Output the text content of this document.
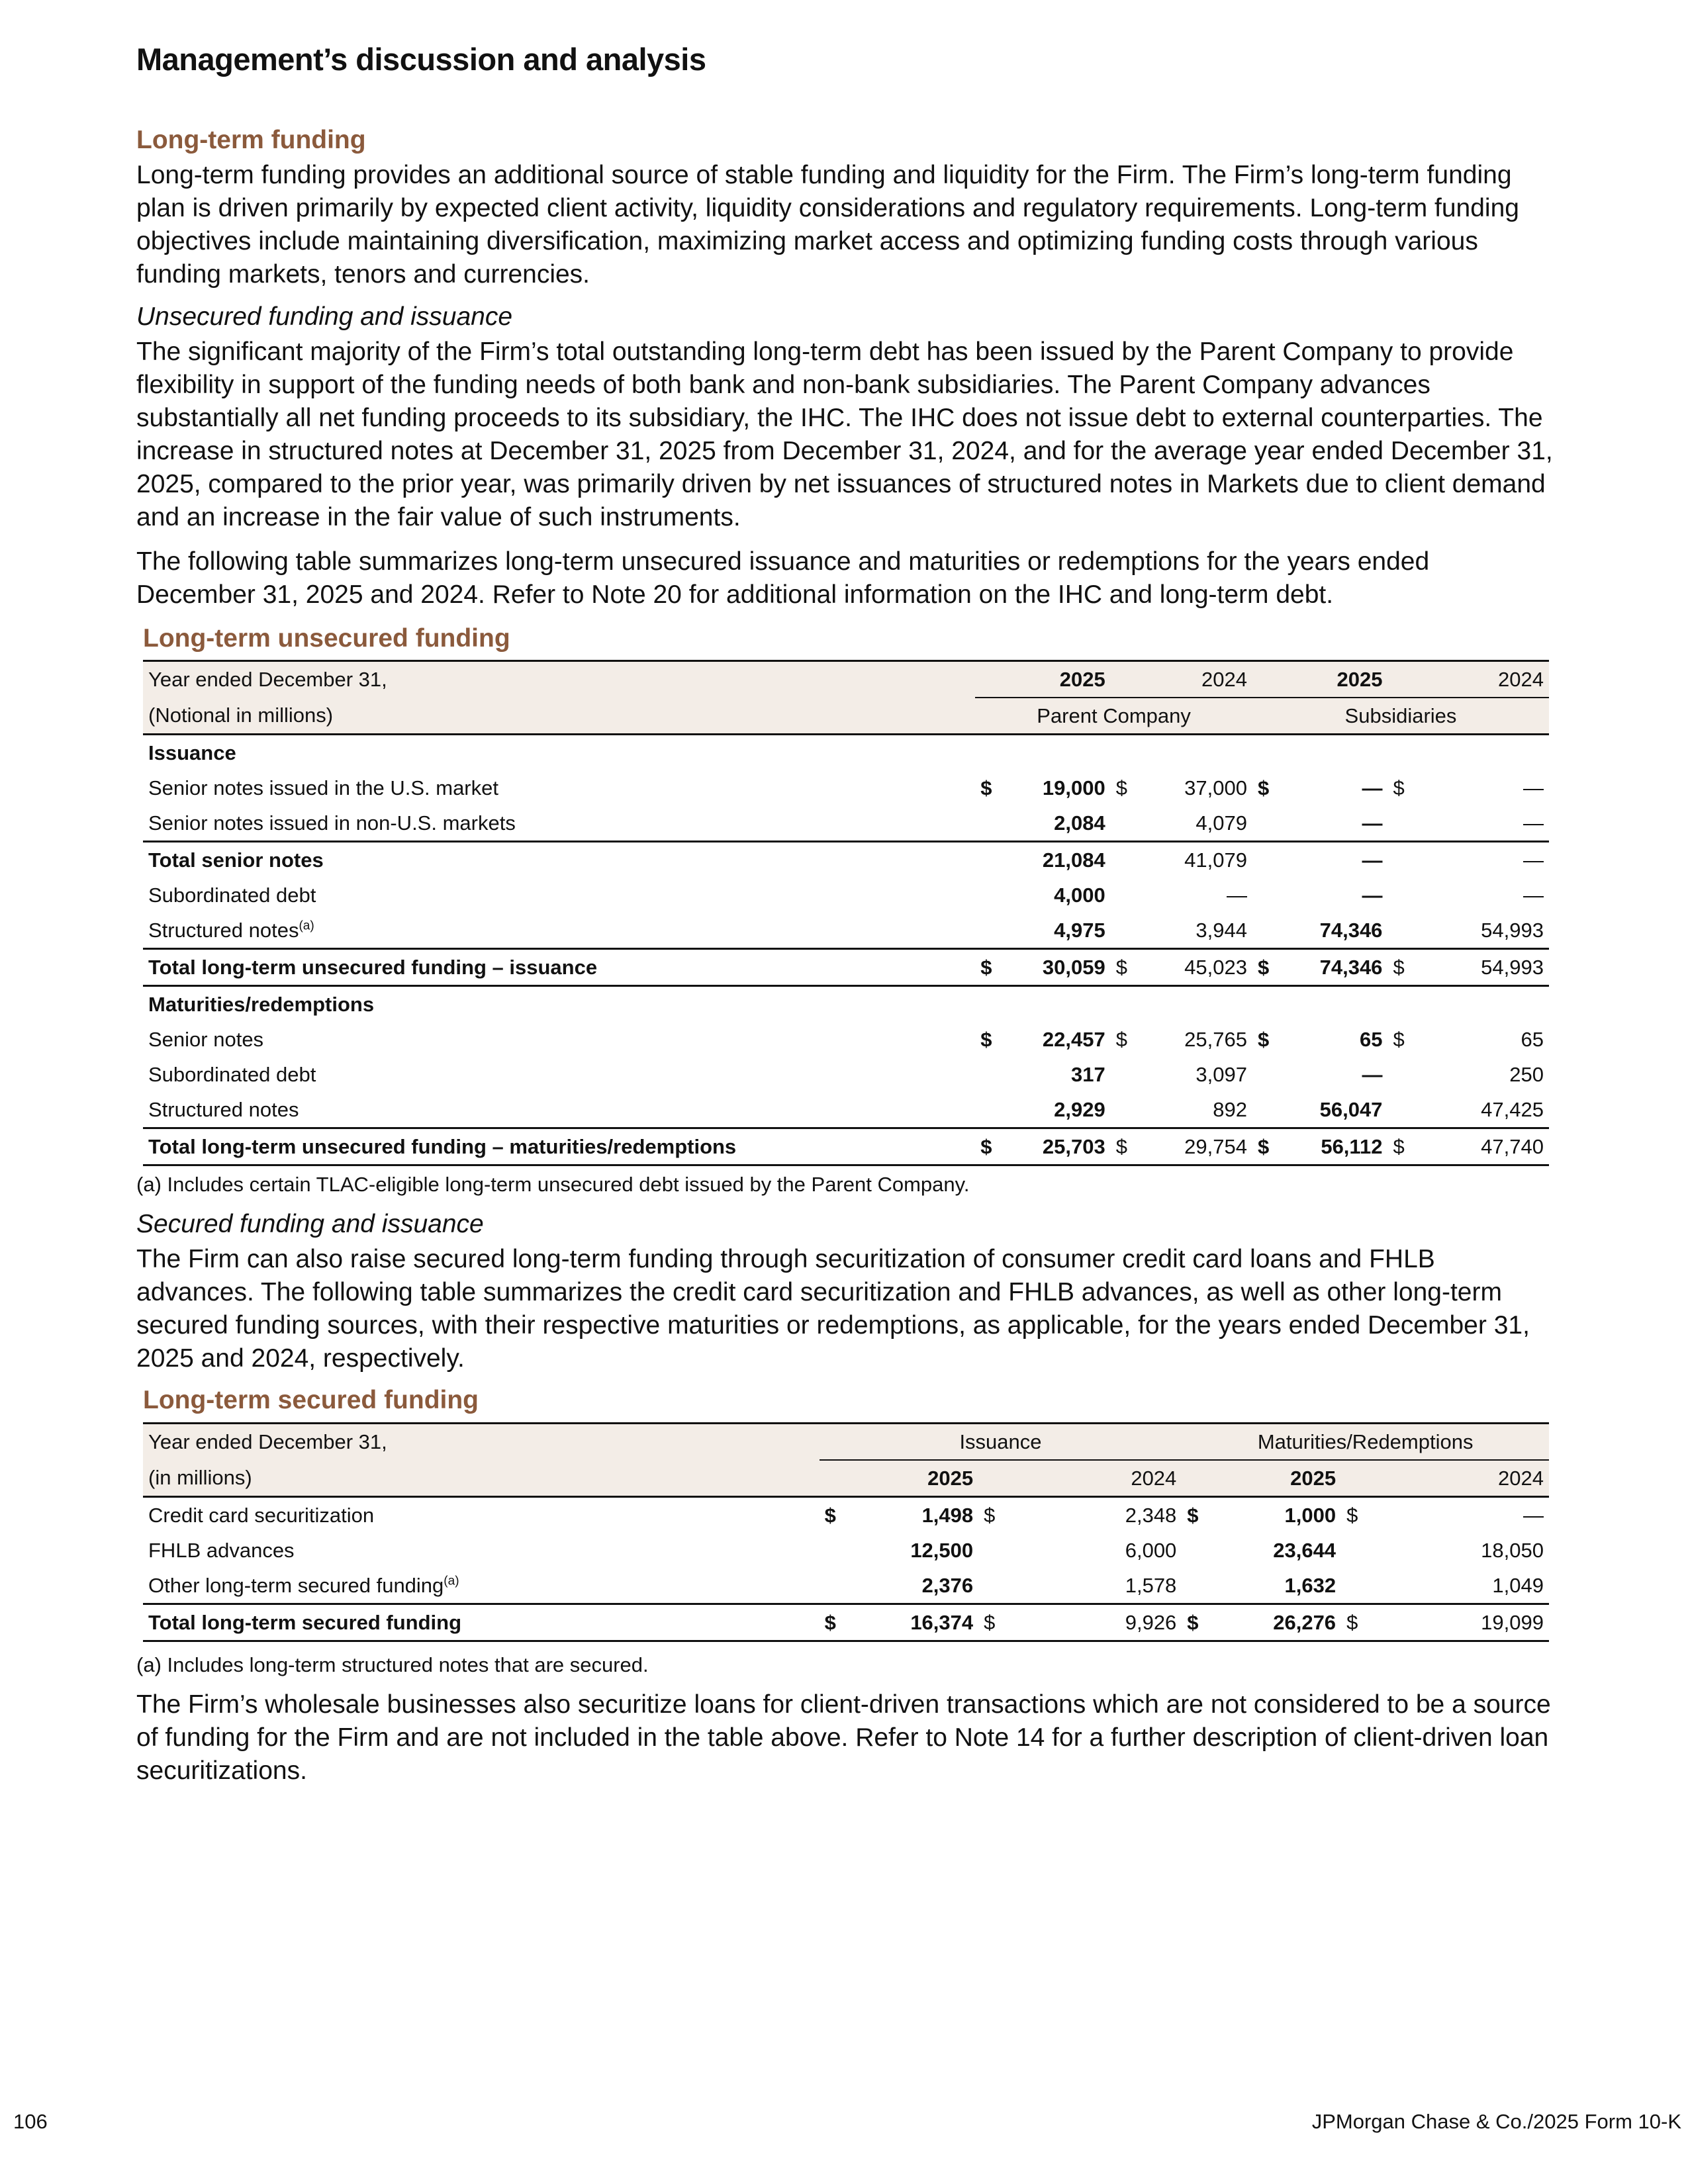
Management’s discussion and analysis
Long-term funding

Long-term funding provides an additional source of stable funding and liquidity for the Firm. The Firm’s long-term funding plan is driven primarily by expected client activity, liquidity considerations and regulatory requirements. Long-term funding objectives include maintaining diversification, maximizing market access and optimizing funding costs through various funding markets, tenors and currencies.

Unsecured funding and issuance

The significant majority of the Firm’s total outstanding long-term debt has been issued by the Parent Company to provide flexibility in support of the funding needs of both bank and non-bank subsidiaries. The Parent Company advances substantially all net funding proceeds to its subsidiary, the IHC. The IHC does not issue debt to external counterparties. The increase in structured notes at December 31, 2025 from December 31, 2024, and for the average year ended December 31, 2025, compared to the prior year, was primarily driven by net issuances of structured notes in Markets due to client demand and an increase in the fair value of such instruments.

The following table summarizes long-term unsecured issuance and maturities or redemptions for the years ended December 31, 2025 and 2024. Refer to Note 20 for additional information on the IHC and long-term debt.

Long-term unsecured funding
Year ended December 31,	2025		2024		2025		2024	
(Notional in millions)	Parent Company				Subsidiaries			
Issuance								
Senior notes issued in the U.S. market	$	19,000	$	37,000	$	—	$	—
Senior notes issued in non-U.S. markets		2,084		4,079		—		—
Total senior notes		21,084		41,079		—		—
Subordinated debt		4,000		—		—		—
Structured notes$^{(a)}$		4,975		3,944		74,346		54,993
Total long-term unsecured funding – issuance	$	30,059	$	45,023	$	74,346	$	54,993
Maturities/redemptions								
Senior notes	$	22,457	$	25,765	$	65	$	65
Subordinated debt		317		3,097		—		250
Structured notes		2,929		892		56,047		47,425
Total long-term unsecured funding – maturities/redemptions	$	25,703	$	29,754	$	56,112	$	47,740
(a) Includes certain TLAC-eligible long-term unsecured debt issued by the Parent Company.
Secured funding and issuance

The Firm can also raise secured long-term funding through securitization of consumer credit card loans and FHLB advances. The following table summarizes the credit card securitization and FHLB advances, as well as other long-term secured funding sources, with their respective maturities or redemptions, as applicable, for the years ended December 31, 2025 and 2024, respectively.

Long-term secured funding
Year ended December 31,	Issuance				Maturities/Redemptions			
(in millions)	2025		2024		2025		2024	
Credit card securitization	$	1,498	$	2,348	$	1,000	$	—
FHLB advances		12,500		6,000		23,644		18,050
Other long-term secured funding$^{(a)}$		2,376		1,578		1,632		1,049
Total long-term secured funding	$	16,374	$	9,926	$	26,276	$	19,099
(a) Includes long-term structured notes that are secured.

The Firm’s wholesale businesses also securitize loans for client-driven transactions which are not considered to be a source of funding for the Firm and are not included in the table above. Refer to Note 14 for a further description of client-driven loan securitizations.

106	JPMorgan Chase & Co./2025 Form 10-K
